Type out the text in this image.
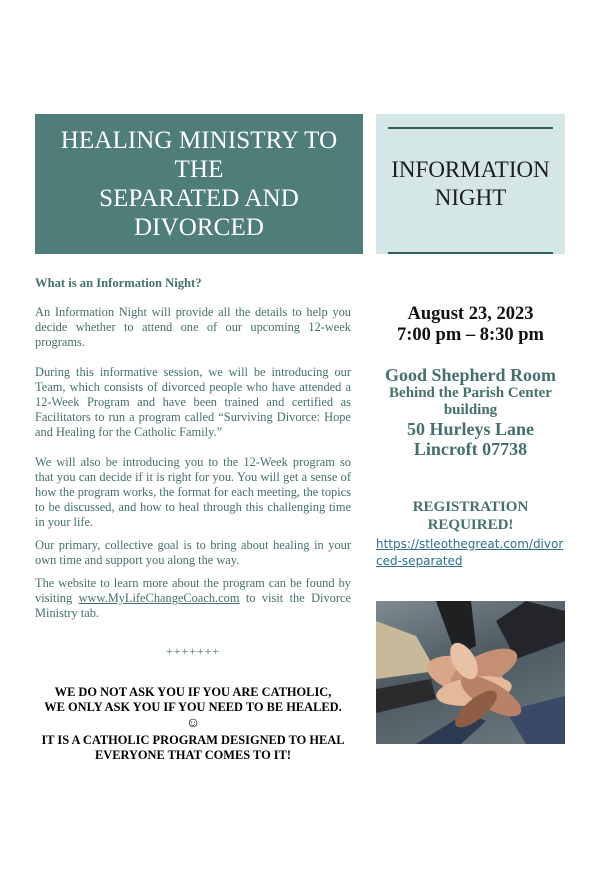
HEALING MINISTRY TO THE
SEPARATED AND DIVORCED
INFORMATION
NIGHT
What is an Information Night?

An Information Night will provide all the details to help you decide whether to attend one of our upcoming 12-week programs.

During this informative session, we will be introducing our Team, which consists of divorced people who have attended a 12-Week Program and have been trained and certified as Facilitators to run a program called “Surviving Divorce: Hope and Healing for the Catholic Family.”

We will also be introducing you to the 12-Week program so that you can decide if it is right for you. You will get a sense of how the program works, the format for each meeting, the topics to be discussed, and how to heal through this challenging time in your life.

Our primary, collective goal is to bring about healing in your own time and support you along the way.

The website to learn more about the program can be found by visiting www.MyLifeChangeCoach.com to visit the Divorce Ministry tab.

+++++++
WE DO NOT ASK YOU IF YOU ARE CATHOLIC,
WE ONLY ASK YOU IF YOU NEED TO BE HEALED.
☺
IT IS A CATHOLIC PROGRAM DESIGNED TO HEAL
EVERYONE THAT COMES TO IT!
August 23, 2023
7:00 pm – 8:30 pm
Good Shepherd Room
Behind the Parish Center
building
50 Hurleys Lane
Lincroft 07738
REGISTRATION
REQUIRED!
https://stleothegreat.com/divorced-separated
